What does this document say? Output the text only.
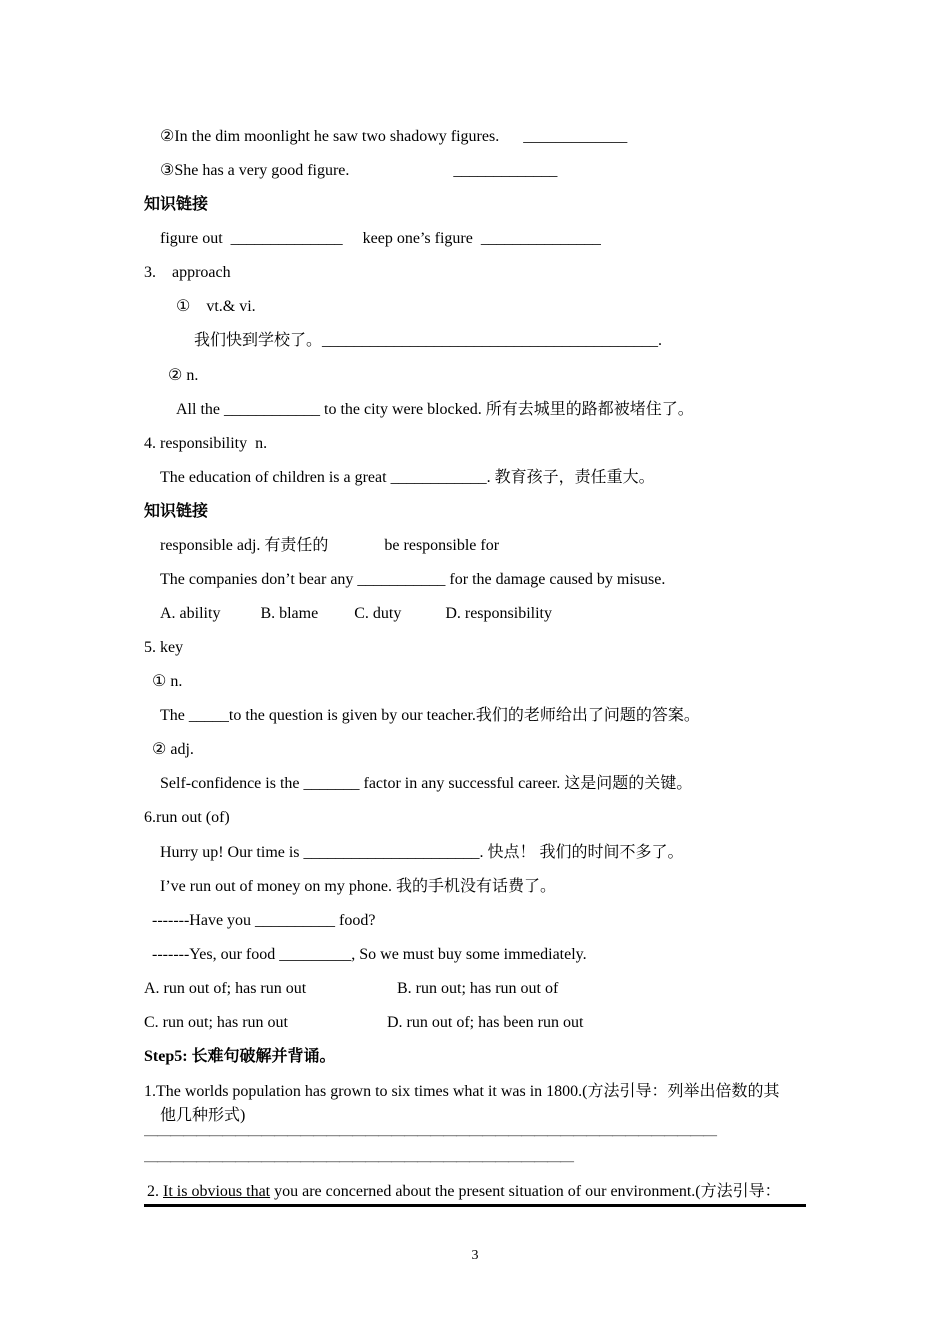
②In the dim moonlight he saw two shadowy figures.      _____________
③She has a very good figure.                          _____________
知识链接
figure out  ______________     keep one’s figure  _______________
3.    approach
①    vt.& vi.
我们快到学校了。__________________________________________.
② n.
All the ____________ to the city were blocked. 所有去城里的路都被堵住了。
4. responsibility  n.
The education of children is a great ____________. 教育孩子，责任重大。
知识链接
responsible adj. 有责任的              be responsible for
The companies don’t bear any ___________ for the damage caused by misuse.
A. ability          B. blame         C. duty           D. responsibility
5. key
① n.
The _____to the question is given by our teacher.我们的老师给出了问题的答案。
② adj.
Self-confidence is the _______ factor in any successful career. 这是问题的关键。
6.run out (of)
Hurry up! Our time is ______________________. 快点！ 我们的时间不多了。
I’ve run out of money on my phone. 我的手机没有话费了。
-------Have you __________ food?
-------Yes, our food _________, So we must buy some immediately.
A. run out of; has run out	B. run out; has run out of
C. run out; has run out	D. run out of; has been run out
Step5: 长难句破解并背诵。
1.The worlds population has grown to six times what it was in 1800.(方法引导：列举出倍数的其
他几种形式)
————————————————————————————————————————————
—————————————————————————————————
2. It is obvious that you are concerned about the present situation of our environment.(方法引导：
3
